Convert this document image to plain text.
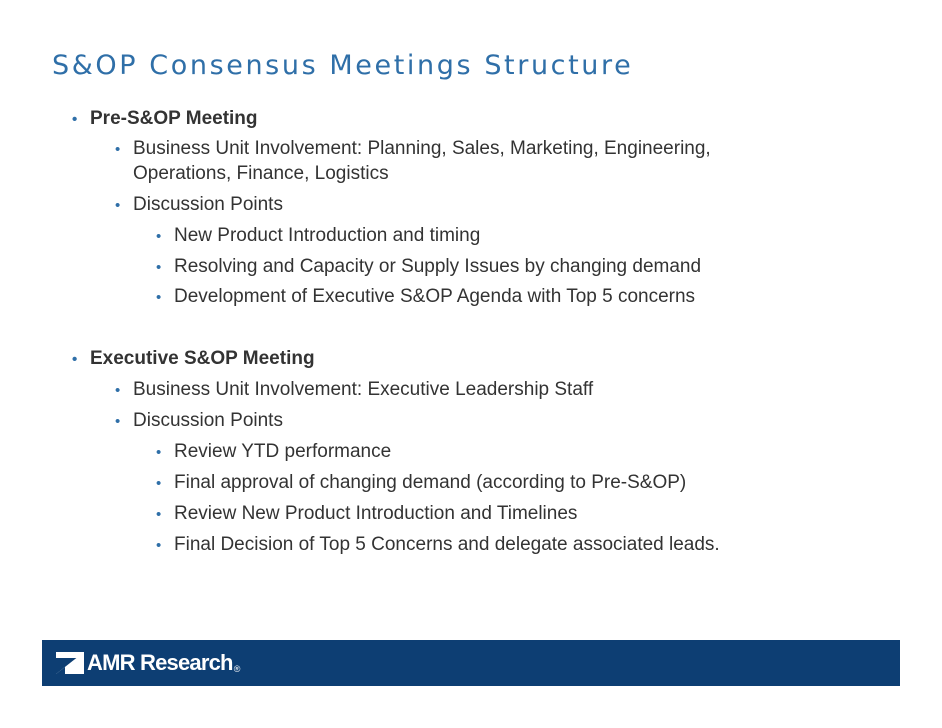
S&OP Consensus Meetings Structure
• Pre-S&OP Meeting
• Business Unit Involvement: Planning, Sales, Marketing, Engineering,
Operations, Finance, Logistics
• Discussion Points
• New Product Introduction and timing
• Resolving and Capacity or Supply Issues by changing demand
• Development of Executive S&OP Agenda with Top 5 concerns
• Executive S&OP Meeting
• Business Unit Involvement: Executive Leadership Staff
• Discussion Points
• Review YTD performance
• Final approval of changing demand (according to Pre-S&OP)
• Review New Product Introduction and Timelines
• Final Decision of Top 5 Concerns and delegate associated leads.
AMR Research ®
